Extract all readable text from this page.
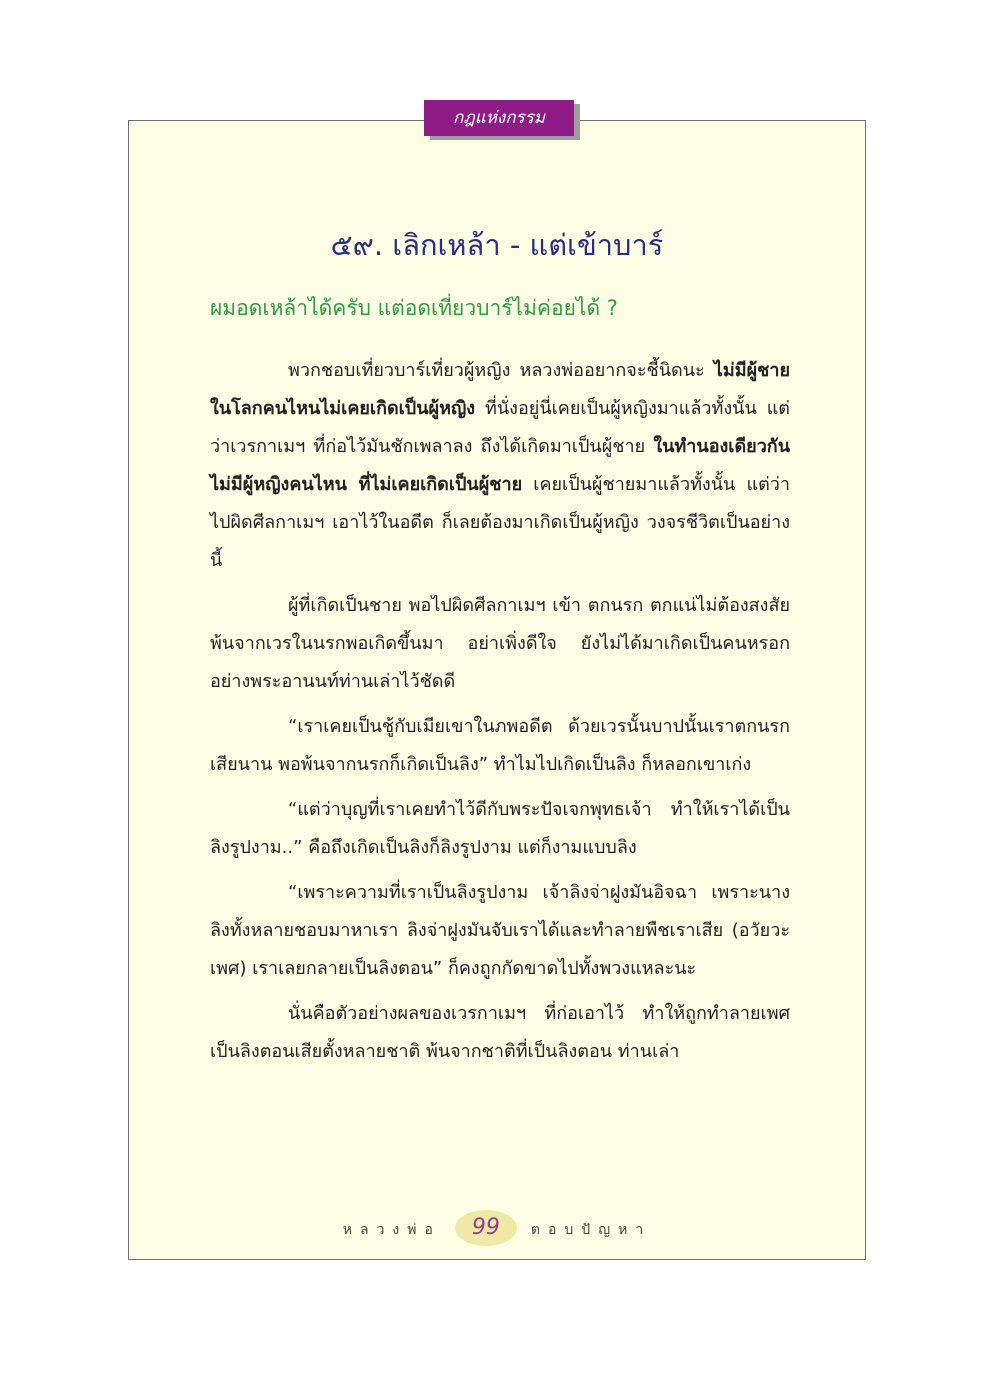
กฎแห่งกรรม
๕๙. เลิกเหล้า - แต่เข้าบาร์
ผมอดเหล้าได้ครับ แต่อดเที่ยวบาร์ไม่ค่อยได้ ?

พวกชอบเที่ยวบาร์เที่ยวผู้หญิง หลวงพ่ออยากจะชี้นิดนะ ไม่มีผู้ชายในโลกคนไหนไม่เคยเกิดเป็นผู้หญิง ที่นั่งอยู่นี่เคยเป็นผู้หญิงมาแล้วทั้งนั้น แต่ว่าเวรกาเมฯ ที่ก่อไว้มันชักเพลาลง ถึงได้เกิดมาเป็นผู้ชาย ในทำนองเดียวกันไม่มีผู้หญิงคนไหน ที่ไม่เคยเกิดเป็นผู้ชาย เคยเป็นผู้ชายมาแล้วทั้งนั้น แต่ว่าไปผิดศีลกาเมฯ เอาไว้ในอดีต ก็เลยต้องมาเกิดเป็นผู้หญิง วงจรชีวิตเป็นอย่างนี้

ผู้ที่เกิดเป็นชาย พอไปผิดศีลกาเมฯ เข้า ตกนรก ตกแน่ไม่ต้องสงสัย พ้นจากเวรในนรกพอเกิดขึ้นมา อย่าเพิ่งดีใจ ยังไม่ได้มาเกิดเป็นคนหรอก อย่างพระอานนท์ท่านเล่าไว้ชัดดี

“เราเคยเป็นชู้กับเมียเขาในภพอดีต ด้วยเวรนั้นบาปนั้นเราตกนรกเสียนาน พอพ้นจากนรกก็เกิดเป็นลิง” ทำไมไปเกิดเป็นลิง ก็หลอกเขาเก่ง

“แต่ว่าบุญที่เราเคยทำไว้ดีกับพระปัจเจกพุทธเจ้า ทำให้เราได้เป็นลิงรูปงาม..” คือถึงเกิดเป็นลิงก็ลิงรูปงาม แต่ก็งามแบบลิง

“เพราะความที่เราเป็นลิงรูปงาม เจ้าลิงจ่าฝูงมันอิจฉา เพราะนางลิงทั้งหลายชอบมาหาเรา ลิงจ่าฝูงมันจับเราได้และทำลายพืชเราเสีย (อวัยวะเพศ) เราเลยกลายเป็นลิงตอน” ก็คงถูกกัดขาดไปทั้งพวงแหละนะ

นั่นคือตัวอย่างผลของเวรกาเมฯ ที่ก่อเอาไว้ ทำให้ถูกทำลายเพศ เป็นลิงตอนเสียตั้งหลายชาติ พ้นจากชาติที่เป็นลิงตอน ท่านเล่า

หลวงพ่อ 99 ตอบปัญหา
